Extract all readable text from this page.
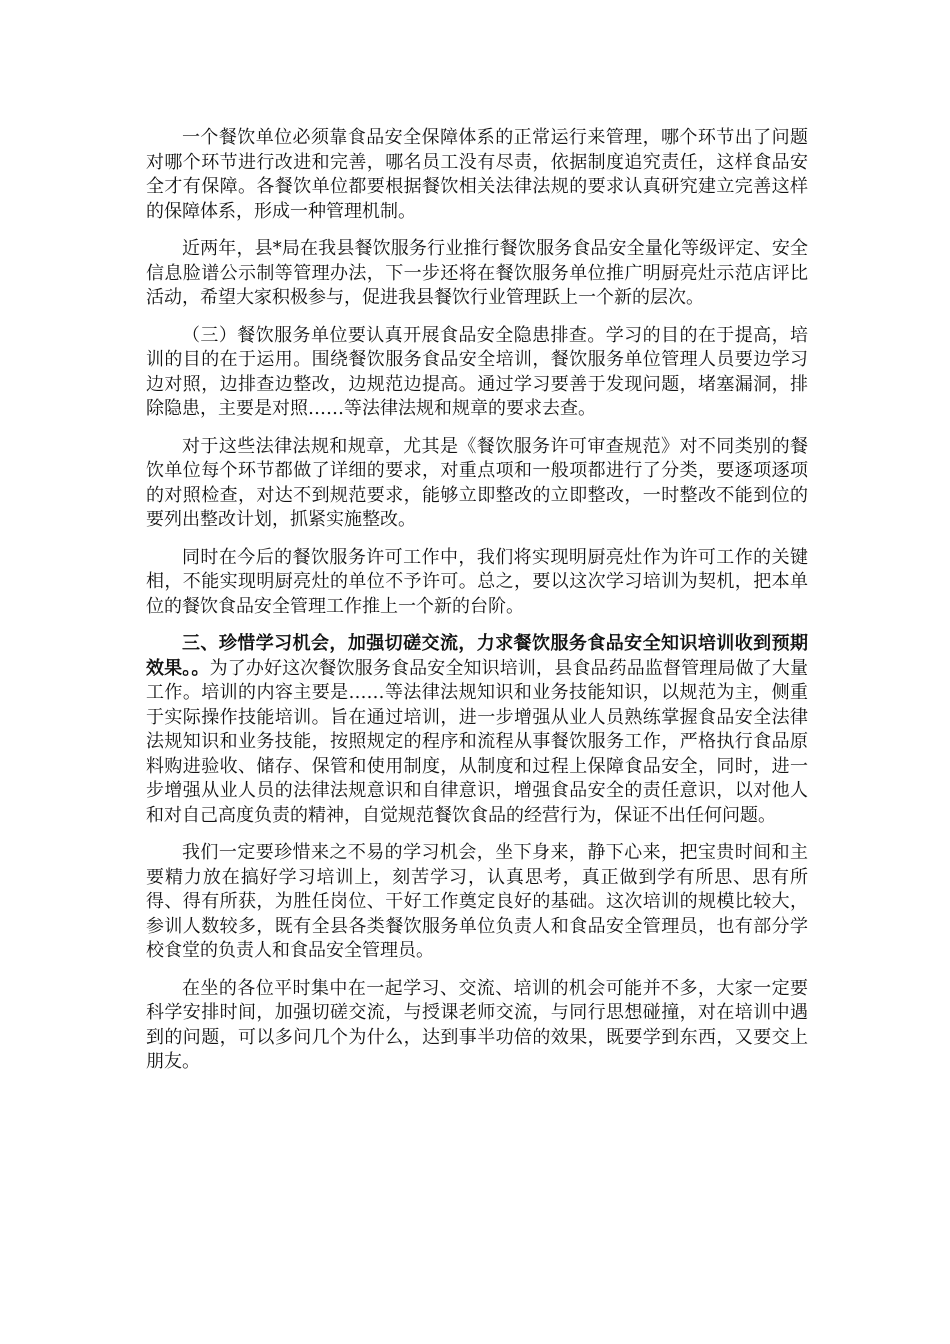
一个餐饮单位必须靠食品安全保障体系的正常运行来管理，哪个环节出了问题对哪个环节进行改进和完善，哪名员工没有尽责，依据制度追究责任，这样食品安全才有保障。各餐饮单位都要根据餐饮相关法律法规的要求认真研究建立完善这样的保障体系，形成一种管理机制。

近两年，县*局在我县餐饮服务行业推行餐饮服务食品安全量化等级评定、安全信息脸谱公示制等管理办法，下一步还将在餐饮服务单位推广明厨亮灶示范店评比活动，希望大家积极参与，促进我县餐饮行业管理跃上一个新的层次。

（三）餐饮服务单位要认真开展食品安全隐患排查。学习的目的在于提高，培训的目的在于运用。围绕餐饮服务食品安全培训，餐饮服务单位管理人员要边学习边对照，边排查边整改，边规范边提高。通过学习要善于发现问题，堵塞漏洞，排除隐患，主要是对照……等法律法规和规章的要求去查。

对于这些法律法规和规章，尤其是《餐饮服务许可审查规范》对不同类别的餐饮单位每个环节都做了详细的要求，对重点项和一般项都进行了分类，要逐项逐项的对照检查，对达不到规范要求，能够立即整改的立即整改，一时整改不能到位的要列出整改计划，抓紧实施整改。

同时在今后的餐饮服务许可工作中，我们将实现明厨亮灶作为许可工作的关键相，不能实现明厨亮灶的单位不予许可。总之，要以这次学习培训为契机，把本单位的餐饮食品安全管理工作推上一个新的台阶。

三、珍惜学习机会，加强切磋交流，力求餐饮服务食品安全知识培训收到预期效果。。为了办好这次餐饮服务食品安全知识培训，县食品药品监督管理局做了大量工作。培训的内容主要是……等法律法规知识和业务技能知识，以规范为主，侧重于实际操作技能培训。旨在通过培训，进一步增强从业人员熟练掌握食品安全法律法规知识和业务技能，按照规定的程序和流程从事餐饮服务工作，严格执行食品原料购进验收、储存、保管和使用制度，从制度和过程上保障食品安全，同时，进一步增强从业人员的法律法规意识和自律意识，增强食品安全的责任意识，以对他人和对自己高度负责的精神，自觉规范餐饮食品的经营行为，保证不出任何问题。

我们一定要珍惜来之不易的学习机会，坐下身来，静下心来，把宝贵时间和主要精力放在搞好学习培训上，刻苦学习，认真思考，真正做到学有所思、思有所得、得有所获，为胜任岗位、干好工作奠定良好的基础。这次培训的规模比较大，参训人数较多，既有全县各类餐饮服务单位负责人和食品安全管理员，也有部分学校食堂的负责人和食品安全管理员。

在坐的各位平时集中在一起学习、交流、培训的机会可能并不多，大家一定要科学安排时间，加强切磋交流，与授课老师交流，与同行思想碰撞，对在培训中遇到的问题，可以多问几个为什么，达到事半功倍的效果，既要学到东西，又要交上朋友。
